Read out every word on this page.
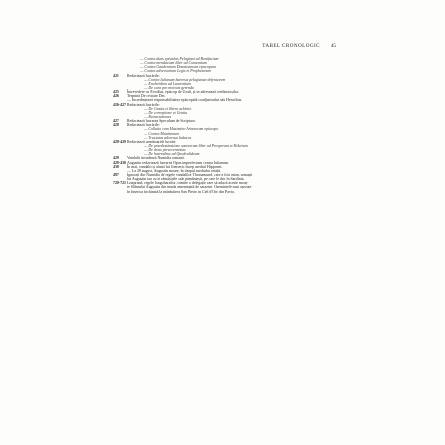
TABEL CRONOLOGIC 45
— Contra duas epistulas Pelagiani ad Bonifacium
— Contra mendacium liber ad Consentium
— Contra Gaudentium Donatistarum episcopum
— Contra adversarium Legis et Prophetarum
421 Redactează lucrările:
— Contra Iulianum haeresis pelagianae defensorem
— Enchiridion ad Laurentium
— De cura pro mortuis gerenda
425 Întrevedere cu Evodius, episcop de Uzali, și se adresează credincioșilor.
426 Termină De civitate Dei.
— Încredințează responsabilitatea episcopală coadjutorului său Heraclius.
426-427 Redactează lucrările:
— De Gratia et libero arbitrio
— De correptione et Gratia
— Retractationes
427 Redactează lucrarea Speculum de Scriptura.
428 Redactează lucrările:
— Collatio cum Maximino Arianorum episcopo
— Contra Maximinum
— Tractatus adversus Iudaeos
428-429 Redactează următoarele lucrări:
— De praedestinatione sanctorum liber ad Prosperum et Hilarium
— De dono perseverantiae
— De haeresibus ad Quodvultdeum
429 Vandalii invadează Numidia romană.
429-430 Augustin redactează lucrarea Opus imperfectum contra Iulianum.
430 În mai, vandalii și alanii lui Genseric încep asediul Hipponei.
— La 28 august, Augustin moare, în timpul asediului cetății.
497 Ignorați din Numidia de regele vandalilor Thrasamund, care a fost arian, urmașii
lui Augustin iau cu ei rămășițele sale pământești, pe care le duc în Sardinia.
720-721 Liutprand, regele longobarzilor, trimite o delegație care să aducă aceste moaș-
te Sfântului Augustin din insula amenințată de sarazini. Osemintele sunt așezate
în biserica închinată la mănăstirea San Pietro in Ciel d'Oro din Pavia.
